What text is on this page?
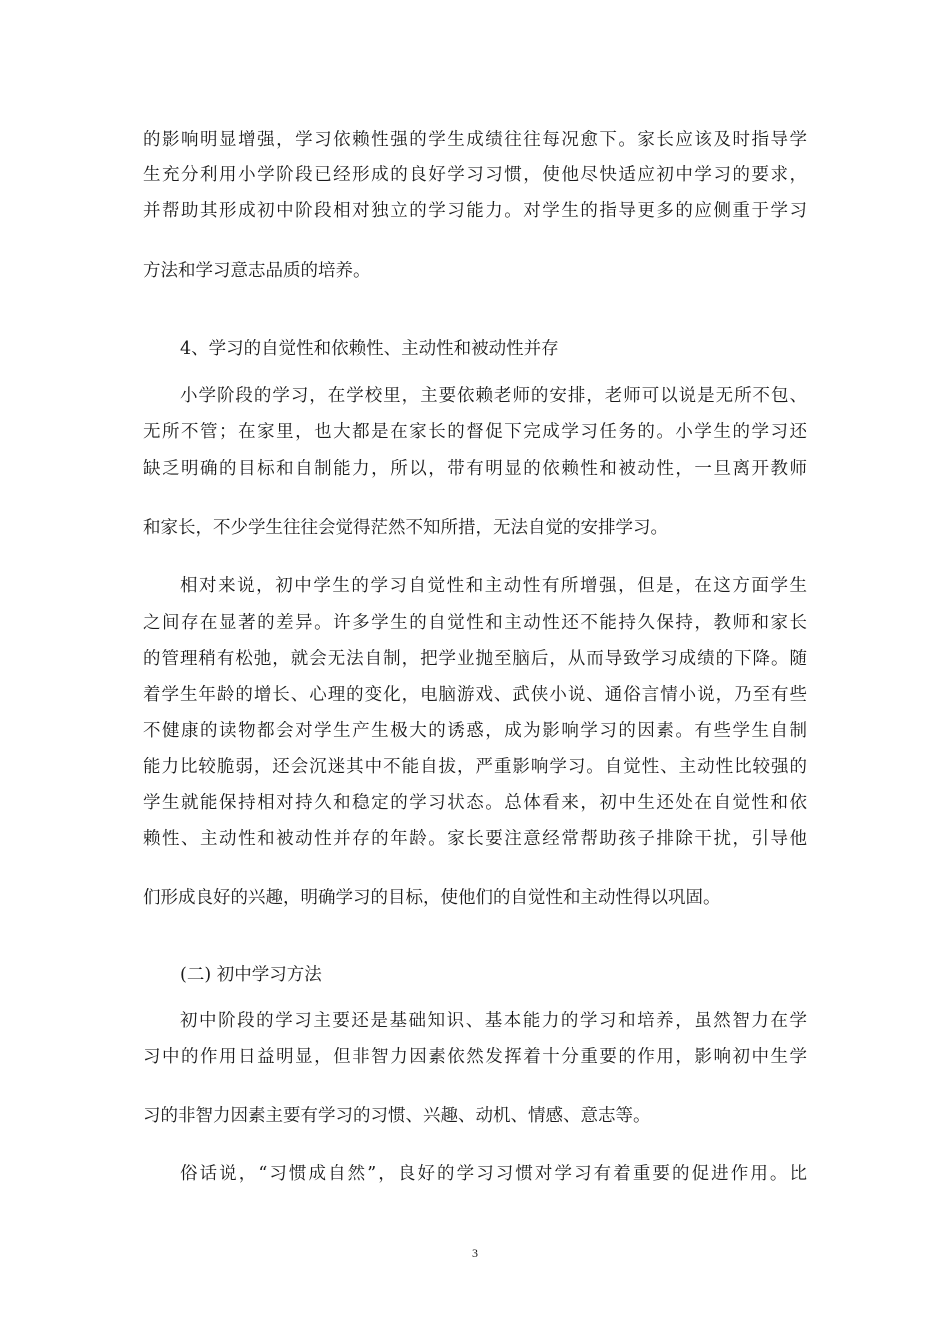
的影响明显增强，学习依赖性强的学生成绩往往每况愈下。家长应该及时指导学
生充分利用小学阶段已经形成的良好学习习惯，使他尽快适应初中学习的要求，
并帮助其形成初中阶段相对独立的学习能力。对学生的指导更多的应侧重于学习
方法和学习意志品质的培养。
4、学习的自觉性和依赖性、主动性和被动性并存
小学阶段的学习，在学校里，主要依赖老师的安排，老师可以说是无所不包、
无所不管；在家里，也大都是在家长的督促下完成学习任务的。小学生的学习还
缺乏明确的目标和自制能力，所以，带有明显的依赖性和被动性，一旦离开教师
和家长，不少学生往往会觉得茫然不知所措，无法自觉的安排学习。
相对来说，初中学生的学习自觉性和主动性有所增强，但是，在这方面学生
之间存在显著的差异。许多学生的自觉性和主动性还不能持久保持，教师和家长
的管理稍有松弛，就会无法自制，把学业抛至脑后，从而导致学习成绩的下降。随
着学生年龄的增长、心理的变化，电脑游戏、武侠小说、通俗言情小说，乃至有些
不健康的读物都会对学生产生极大的诱惑，成为影响学习的因素。有些学生自制
能力比较脆弱，还会沉迷其中不能自拔，严重影响学习。自觉性、主动性比较强的
学生就能保持相对持久和稳定的学习状态。总体看来，初中生还处在自觉性和依
赖性、主动性和被动性并存的年龄。家长要注意经常帮助孩子排除干扰，引导他
们形成良好的兴趣，明确学习的目标，使他们的自觉性和主动性得以巩固。
(二) 初中学习方法
初中阶段的学习主要还是基础知识、基本能力的学习和培养，虽然智力在学
习中的作用日益明显，但非智力因素依然发挥着十分重要的作用，影响初中生学
习的非智力因素主要有学习的习惯、兴趣、动机、情感、意志等。
俗话说，“习惯成自然”，良好的学习习惯对学习有着重要的促进作用。比
3
